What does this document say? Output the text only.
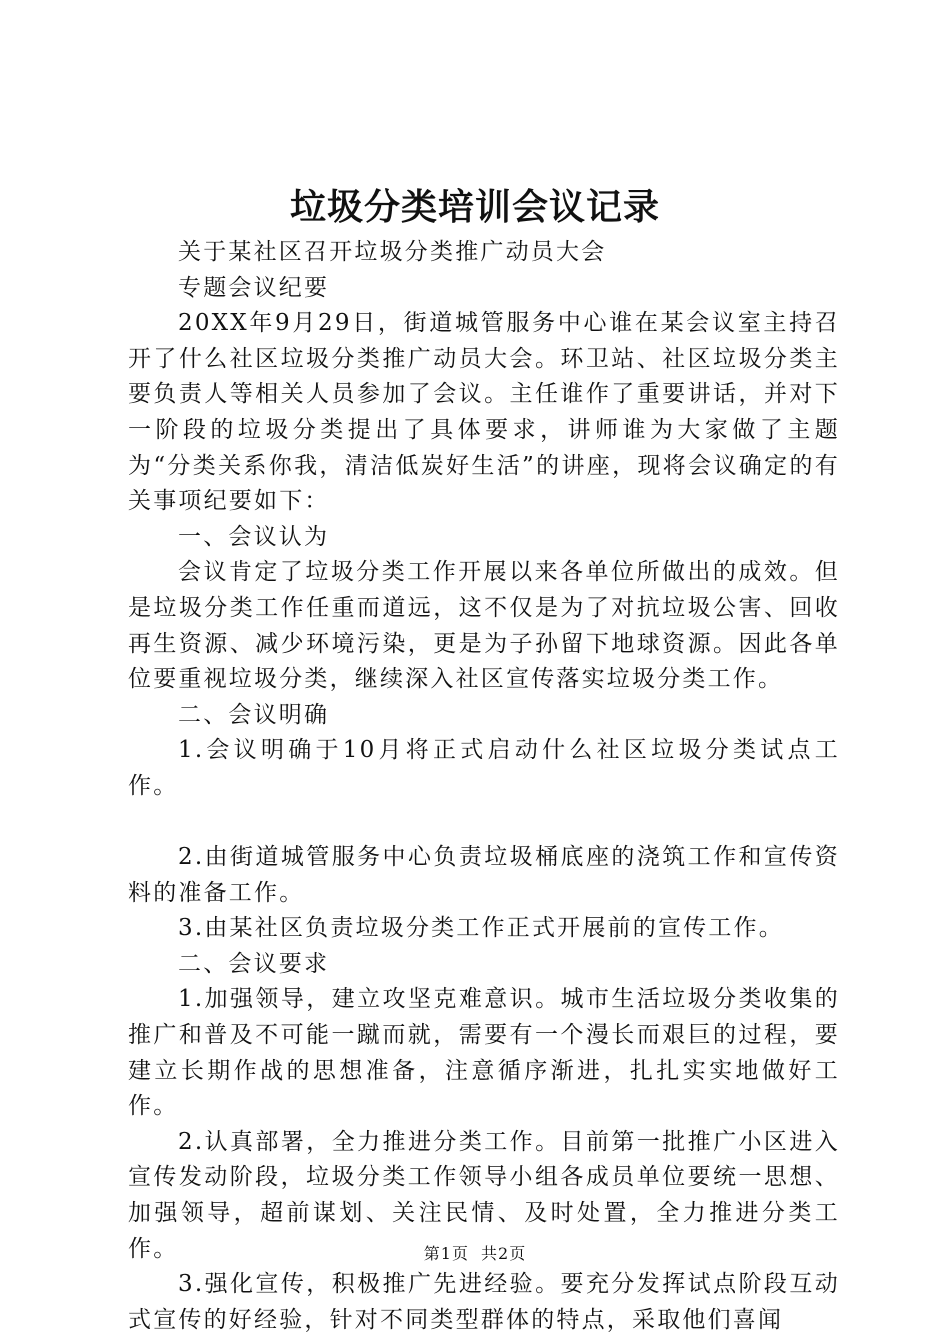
垃圾分类培训会议记录

关于某社区召开垃圾分类推广动员大会

专题会议纪要

20XX年9月29日，街道城管服务中心谁在某会议室主持召开了什么社区垃圾分类推广动员大会。环卫站、社区垃圾分类主要负责人等相关人员参加了会议。主任谁作了重要讲话，并对下一阶段的垃圾分类提出了具体要求，讲师谁为大家做了主题为“分类关系你我，清洁低炭好生活”的讲座，现将会议确定的有关事项纪要如下：

一、会议认为

会议肯定了垃圾分类工作开展以来各单位所做出的成效。但是垃圾分类工作任重而道远，这不仅是为了对抗垃圾公害、回收再生资源、减少环境污染，更是为子孙留下地球资源。因此各单位要重视垃圾分类，继续深入社区宣传落实垃圾分类工作。

二、会议明确

1.会议明确于10月将正式启动什么社区垃圾分类试点工作。

2.由街道城管服务中心负责垃圾桶底座的浇筑工作和宣传资料的准备工作。

3.由某社区负责垃圾分类工作正式开展前的宣传工作。

二、会议要求

1.加强领导，建立攻坚克难意识。城市生活垃圾分类收集的推广和普及不可能一蹴而就，需要有一个漫长而艰巨的过程，要建立长期作战的思想准备，注意循序渐进，扎扎实实地做好工作。

2.认真部署，全力推进分类工作。目前第一批推广小区进入宣传发动阶段，垃圾分类工作领导小组各成员单位要统一思想、加强领导，超前谋划、关注民情、及时处置，全力推进分类工作。

3.强化宣传，积极推广先进经验。要充分发挥试点阶段互动式宣传的好经验，针对不同类型群体的特点，采取他们喜闻

第1页 共2页
